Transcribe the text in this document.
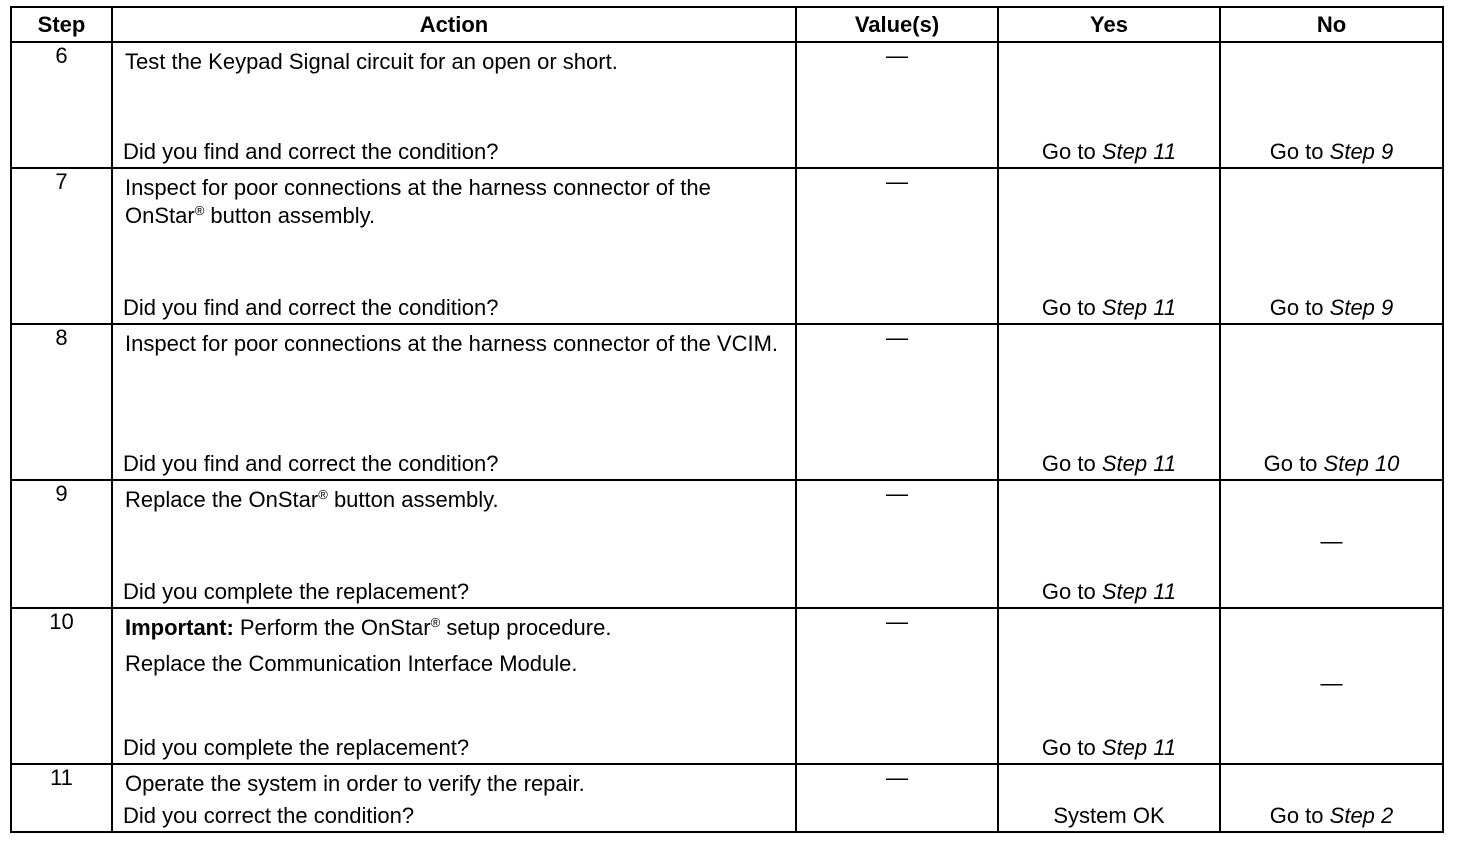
Step	Action	Value(s)	Yes	No
6	Test the Keypad Signal circuit for an open or short.
Did you find and correct the condition?	—	Go to Step 11	Go to Step 9

7	Inspect for poor connections at the harness connector of the OnStar® button assembly.
Did you find and correct the condition?	—	Go to Step 11	Go to Step 9

8	Inspect for poor connections at the harness connector of the VCIM.
Did you find and correct the condition?	—	Go to Step 11	Go to Step 10

9	Replace the OnStar® button assembly.
Did you complete the replacement?	—	Go to Step 11	—

10	Important: Perform the OnStar® setup procedure.
Replace the Communication Interface Module.
Did you complete the replacement?	—	Go to Step 11	—

11	Operate the system in order to verify the repair.
Did you correct the condition?	—	System OK	Go to Step 2
